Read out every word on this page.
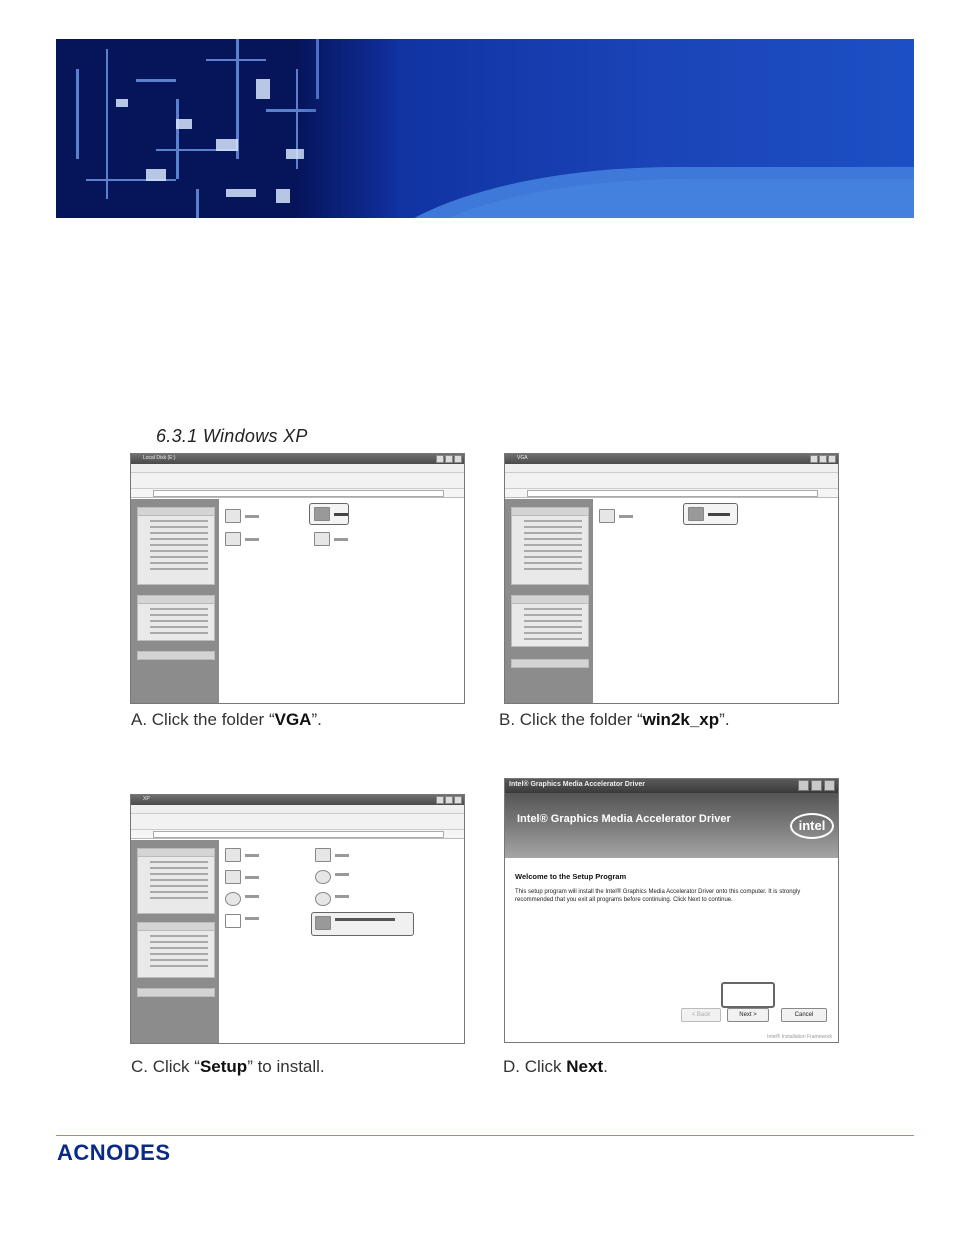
6.3.1 Windows XP
Local Disk (E:)
A. Click the folder “VGA”.
VGA
B. Click the folder “win2k_xp”.
XP
C. Click “Setup” to install.
Intel® Graphics Media Accelerator Driver
Intel® Graphics Media Accelerator Driver	intel
Welcome to the Setup Program
This setup program will install the Intel® Graphics Media Accelerator Driver onto this computer. It is strongly recommended that you exit all programs before continuing. Click Next to continue.
< Back	Next >	Cancel
Intel® Installation Framework
D. Click Next.
ACNODES
